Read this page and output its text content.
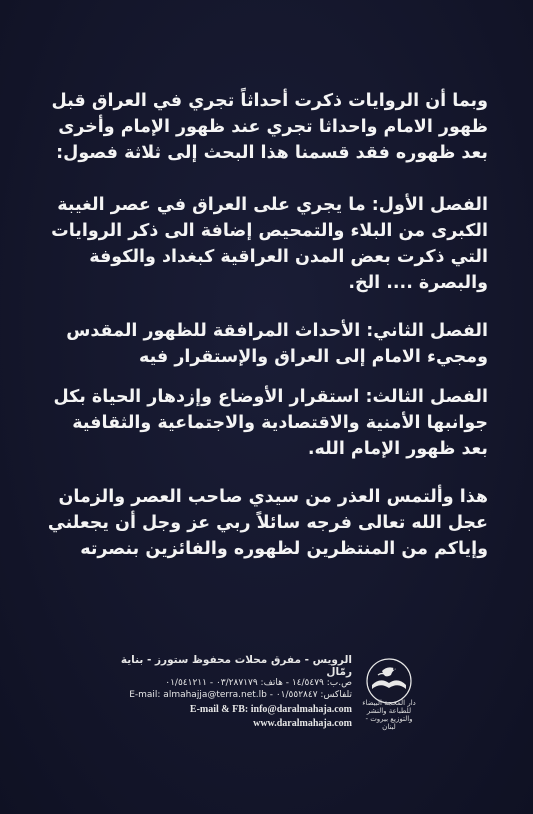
وبما أن الروايات ذكرت أحداثاً تجري في العراق قبل
ظهور الامام واحداثا تجري عند ظهور الإمام وأخرى
بعد ظهوره فقد قسمنا هذا البحث إلى ثلاثة فصول:
الفصل الأول: ما يجري على العراق في عصر الغيبة
الكبرى من البلاء والتمحيص إضافة الى ذكر الروايات
التي ذكرت بعض المدن العراقية كبغداد والكوفة
والبصرة .... الخ.
الفصل الثاني: الأحداث المرافقة للظهور المقدس
ومجيء الامام إلى العراق والإستقرار فيه
الفصل الثالث: استقرار الأوضاع وإزدهار الحياة بكل
جوانبها الأمنية والاقتصادية والاجتماعية والثقافية
بعد ظهور الإمام الله.
هذا وألتمس العذر من سيدي صاحب العصر والزمان
عجل الله تعالى فرجه سائلاً ربي عز وجل أن يجعلني
وإياكم من المنتظرين لظهوره والفائزين بنصرته
الرويس - مفرق محلات محفوظ ستورز - بناية رمّال
ص.ب: ١٤/٥٤٧٩ - هاتف: ٠٣/٢٨٧١٧٩ - ٠١/٥٤١٢١١
تلفاكس: ٠١/٥٥٢٨٤٧ - E-mail: almahajja@terra.net.lb
E-mail & FB: info@daralmahaja.com
www.daralmahaja.com
دار المحجة البيضاء
للطباعة والنشر والتوزيع بيروت - لبنان
